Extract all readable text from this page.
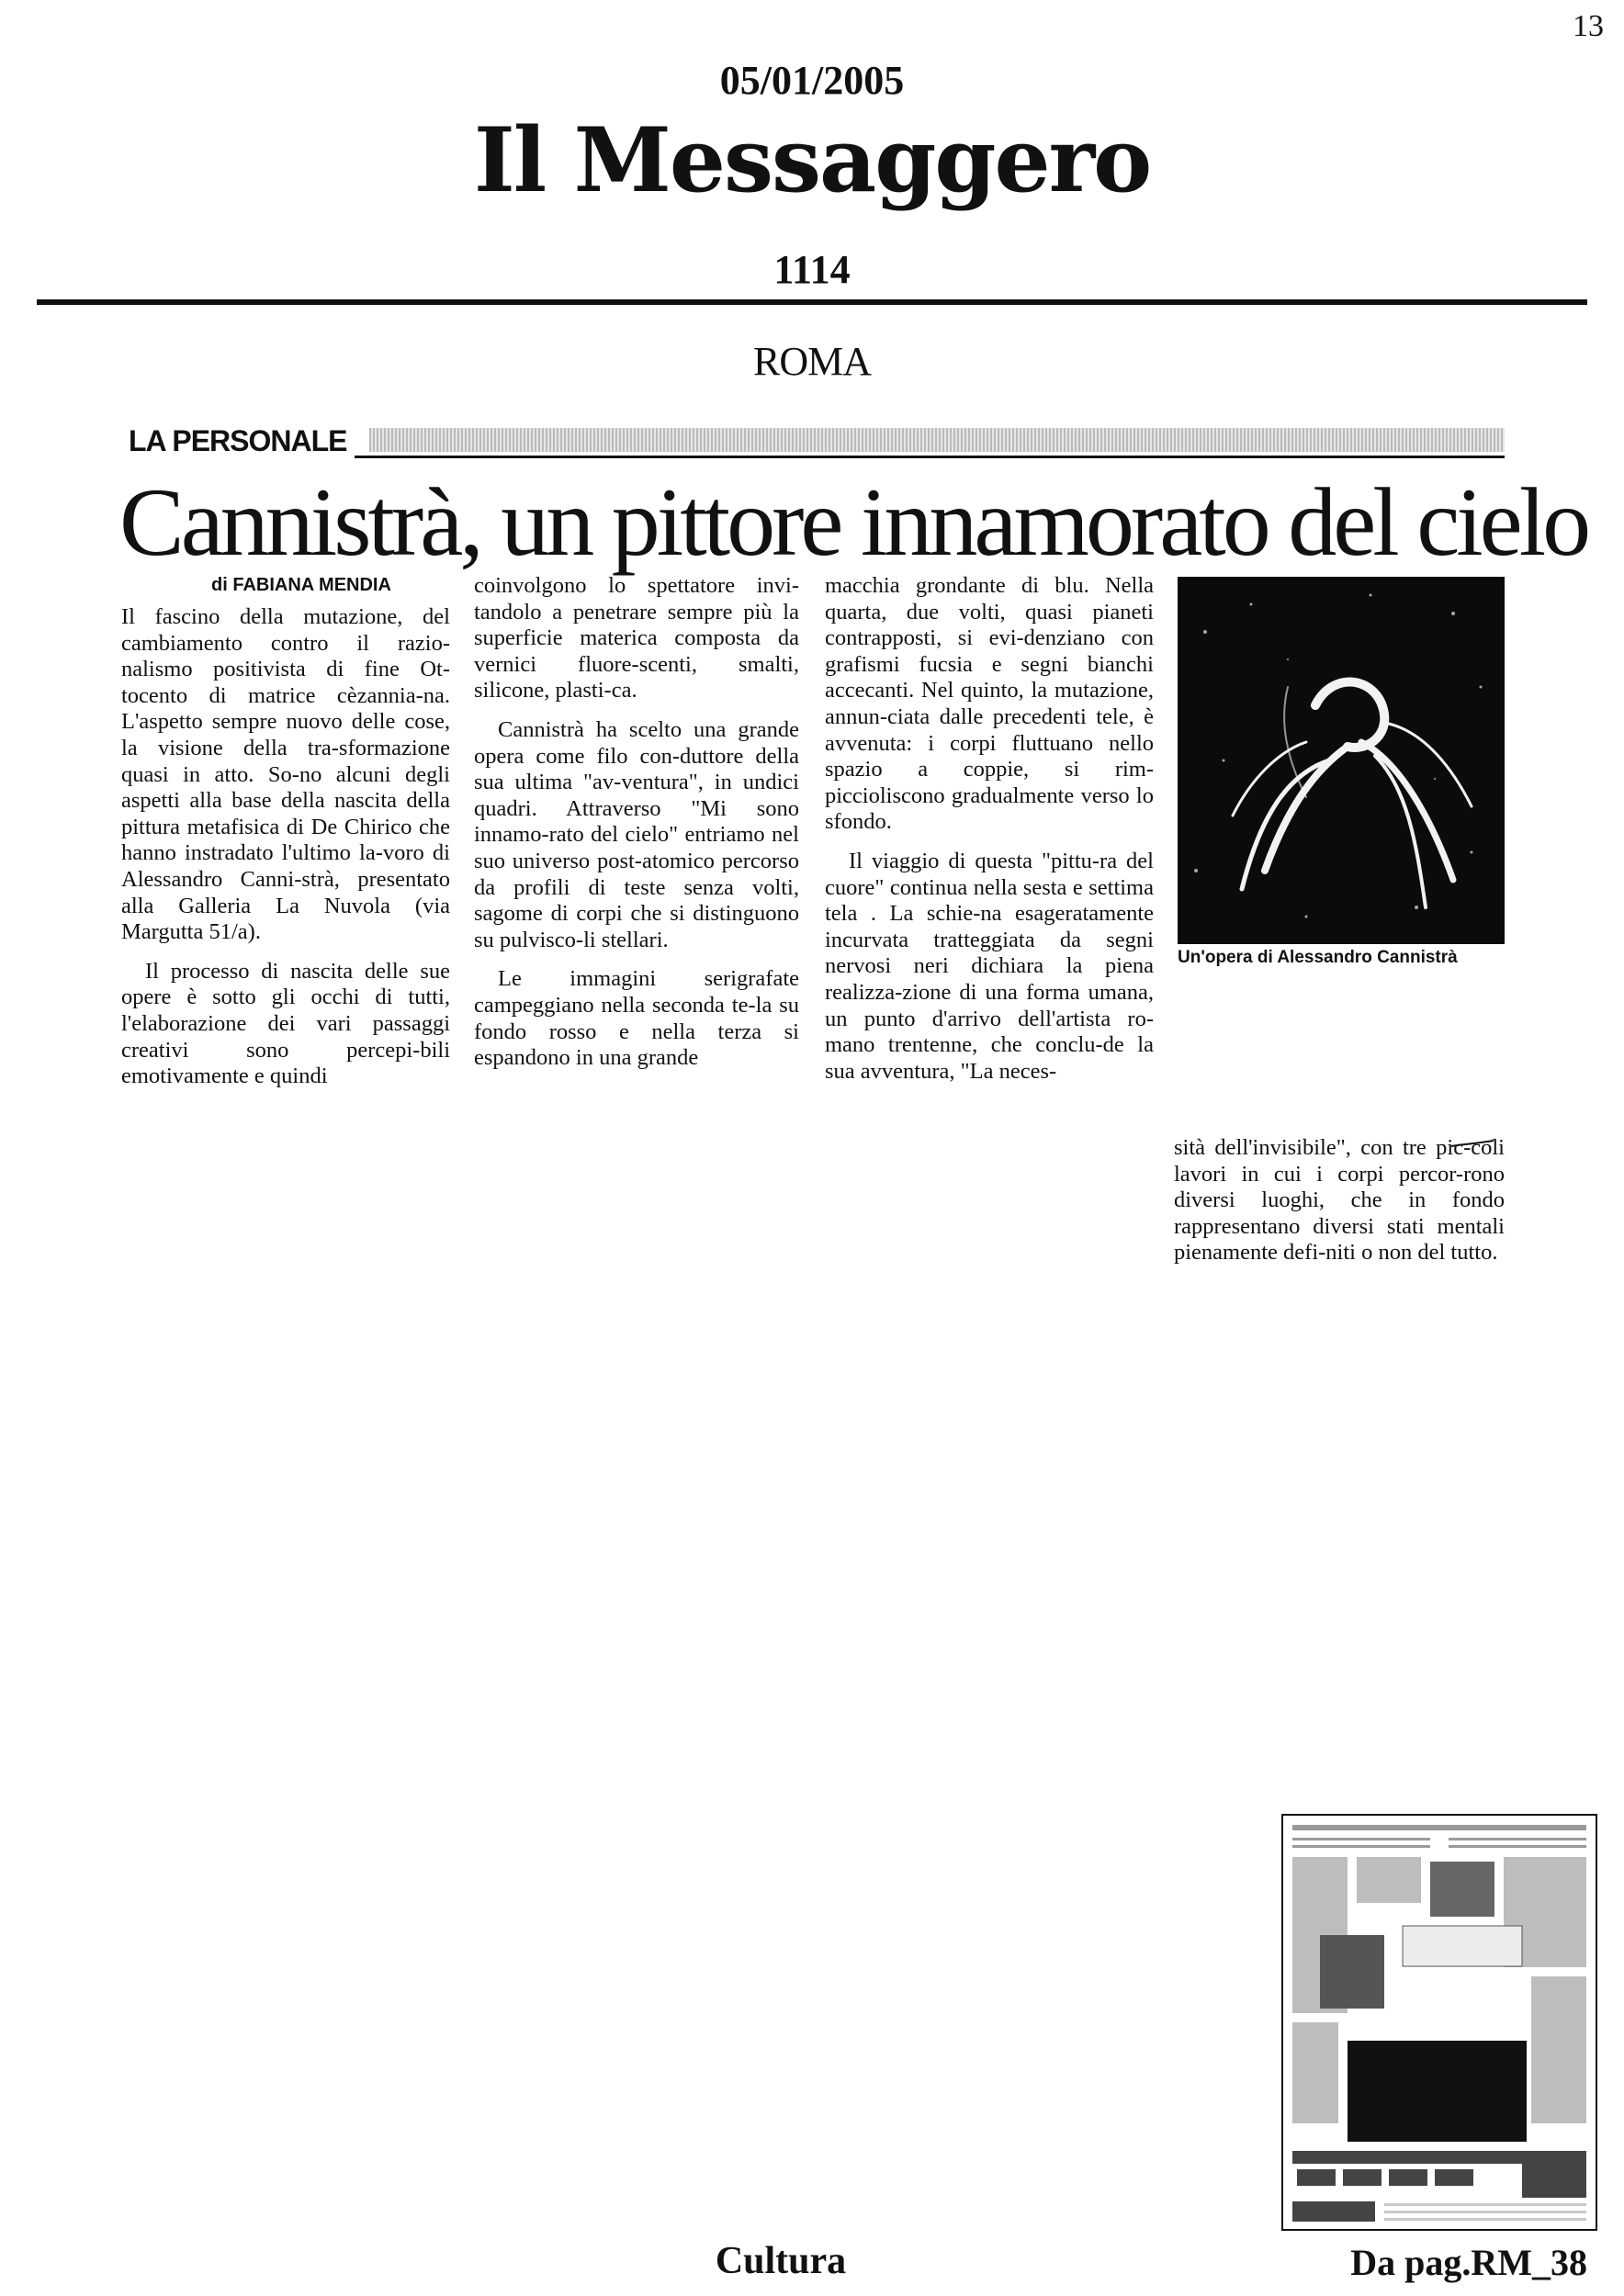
13
05/01/2005
Il Messaggero
1114
ROMA
LA PERSONALE
Cannistrà, un pittore innamorato del cielo
di FABIANA MENDIA

Il fascino della mutazione, del cambiamento contro il razio-nalismo positivista di fine Ot-tocento di matrice cèzannia-na. L'aspetto sempre nuovo delle cose, la visione della tra-sformazione quasi in atto. So-no alcuni degli aspetti alla base della nascita della pittura metafisica di De Chirico che hanno instradato l'ultimo la-voro di Alessandro Canni-strà, presentato alla Galleria La Nuvola (via Margutta 51/a).

Il processo di nascita delle sue opere è sotto gli occhi di tutti, l'elaborazione dei vari passaggi creativi sono percepi-bili emotivamente e quindi

coinvolgono lo spettatore invi-tandolo a penetrare sempre più la superficie materica composta da vernici fluore-scenti, smalti, silicone, plasti-ca.

Cannistrà ha scelto una grande opera come filo con-duttore della sua ultima "av-ventura", in undici quadri. Attraverso "Mi sono innamo-rato del cielo" entriamo nel suo universo post-atomico percorso da profili di teste senza volti, sagome di corpi che si distinguono su pulvisco-li stellari.

Le immagini serigrafate campeggiano nella seconda te-la su fondo rosso e nella terza si espandono in una grande

macchia grondante di blu. Nella quarta, due volti, quasi pianeti contrapposti, si evi-denziano con grafismi fucsia e segni bianchi accecanti. Nel quinto, la mutazione, annun-ciata dalle precedenti tele, è avvenuta: i corpi fluttuano nello spazio a coppie, si rim-piccioliscono gradualmente verso lo sfondo.

Il viaggio di questa "pittu-ra del cuore" continua nella sesta e settima tela . La schie-na esageratamente incurvata tratteggiata da segni nervosi neri dichiara la piena realizza-zione di una forma umana, un punto d'arrivo dell'artista ro-mano trentenne, che conclu-de la sua avventura, "La neces-

Un'opera di Alessandro Cannistrà

sità dell'invisibile", con tre pic-coli lavori in cui i corpi percor-rono diversi luoghi, che in fondo rappresentano diversi stati mentali pienamente defi-niti o non del tutto.

Cultura	Da pag.RM_38
